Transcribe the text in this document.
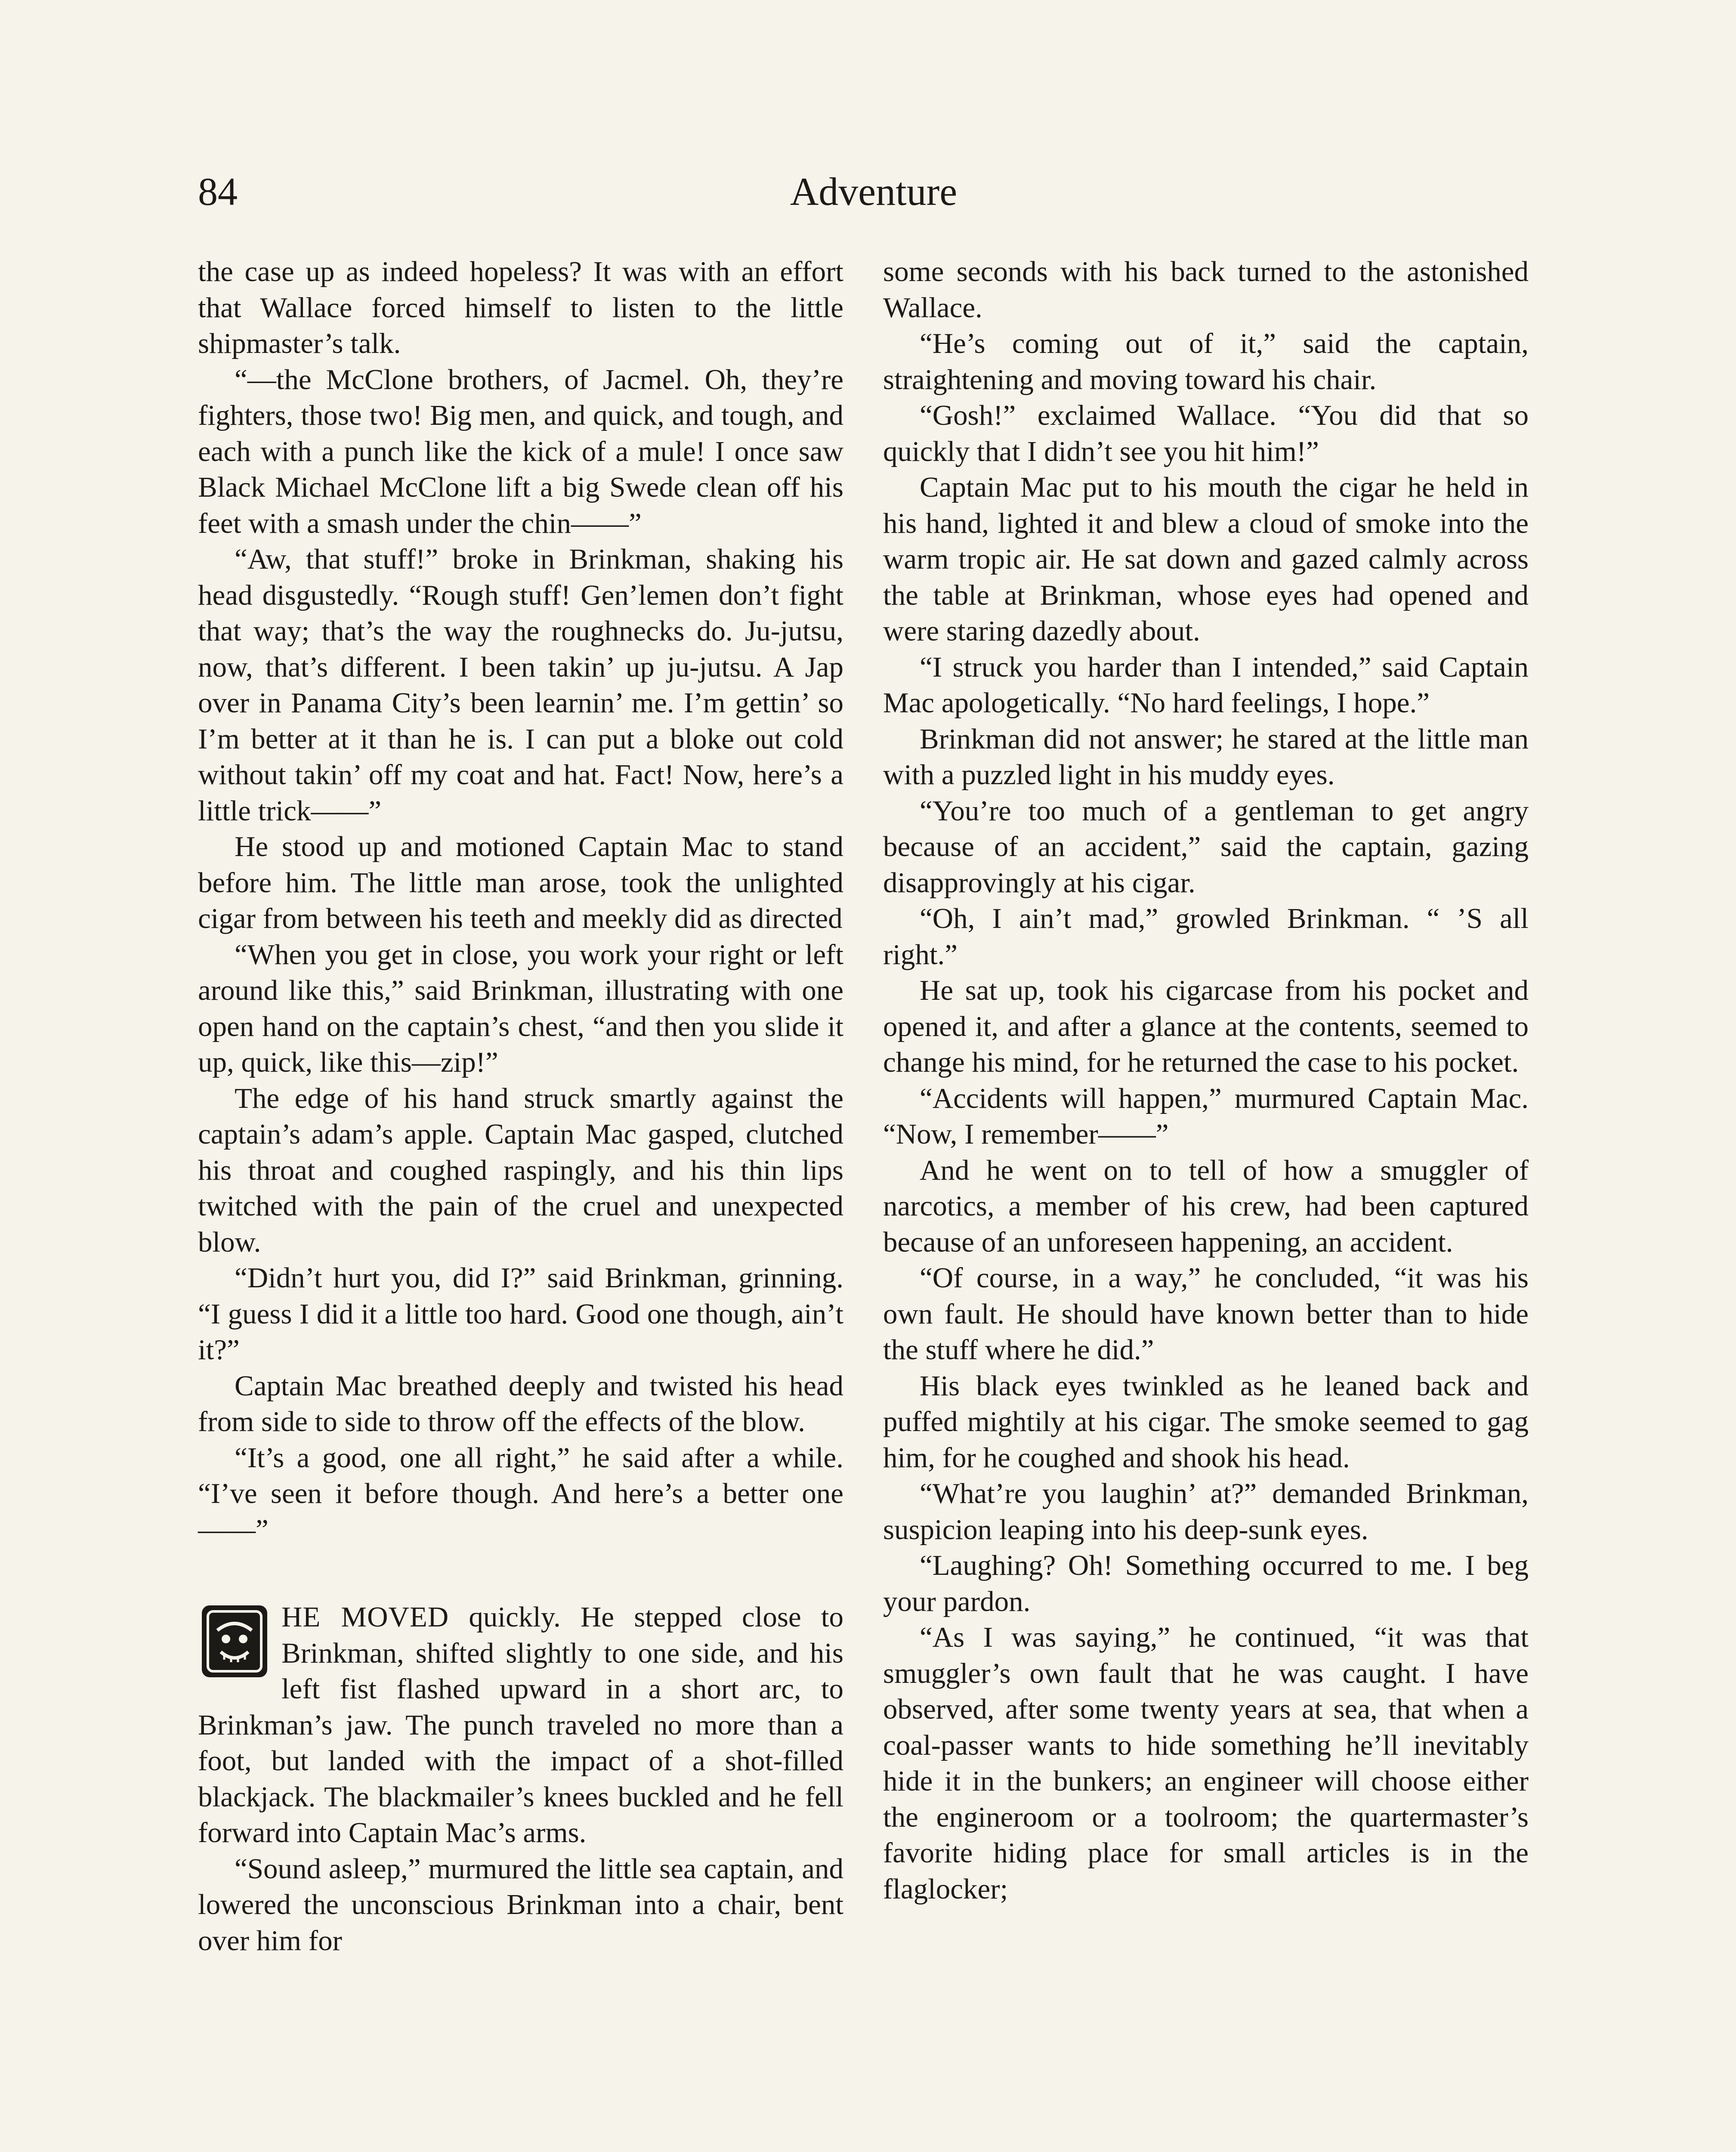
84	Adventure

the case up as indeed hopeless? It was with an effort that Wallace forced himself to listen to the little shipmaster’s talk.

“—the McClone brothers, of Jacmel. Oh, they’re fighters, those two! Big men, and quick, and tough, and each with a punch like the kick of a mule! I once saw Black Michael McClone lift a big Swede clean off his feet with a smash under the chin——”

“Aw, that stuff!” broke in Brinkman, shaking his head disgustedly. “Rough stuff! Gen’lemen don’t fight that way; that’s the way the roughnecks do. Ju-jutsu, now, that’s different. I been takin’ up ju-jutsu. A Jap over in Panama City’s been learnin’ me. I’m gettin’ so I’m better at it than he is. I can put a bloke out cold without takin’ off my coat and hat. Fact! Now, here’s a little trick——”

He stood up and motioned Captain Mac to stand before him. The little man arose, took the unlighted cigar from between his teeth and meekly did as directed

“When you get in close, you work your right or left around like this,” said Brinkman, illustrating with one open hand on the captain’s chest, “and then you slide it up, quick, like this—zip!”

The edge of his hand struck smartly against the captain’s adam’s apple. Captain Mac gasped, clutched his throat and coughed raspingly, and his thin lips twitched with the pain of the cruel and unexpected blow.

“Didn’t hurt you, did I?” said Brinkman, grinning. “I guess I did it a little too hard. Good one though, ain’t it?”

Captain Mac breathed deeply and twisted his head from side to side to throw off the effects of the blow.

“It’s a good, one all right,” he said after a while. “I’ve seen it before though. And here’s a better one——”

HE MOVED quickly. He stepped close to Brinkman, shifted slightly to one side, and his left fist flashed upward in a short arc, to Brinkman’s jaw. The punch traveled no more than a foot, but landed with the impact of a shot-filled blackjack. The blackmailer’s knees buckled and he fell forward into Captain Mac’s arms.

“Sound asleep,” murmured the little sea captain, and lowered the unconscious Brinkman into a chair, bent over him for

some seconds with his back turned to the astonished Wallace.

“He’s coming out of it,” said the captain, straightening and moving toward his chair.

“Gosh!” exclaimed Wallace. “You did that so quickly that I didn’t see you hit him!”

Captain Mac put to his mouth the cigar he held in his hand, lighted it and blew a cloud of smoke into the warm tropic air. He sat down and gazed calmly across the table at Brinkman, whose eyes had opened and were staring dazedly about.

“I struck you harder than I intended,” said Captain Mac apologetically. “No hard feelings, I hope.”

Brinkman did not answer; he stared at the little man with a puzzled light in his muddy eyes.

“You’re too much of a gentleman to get angry because of an accident,” said the captain, gazing disapprovingly at his cigar.

“Oh, I ain’t mad,” growled Brinkman. “ ’S all right.”

He sat up, took his cigarcase from his pocket and opened it, and after a glance at the contents, seemed to change his mind, for he returned the case to his pocket.

“Accidents will happen,” murmured Captain Mac. “Now, I remember——”

And he went on to tell of how a smuggler of narcotics, a member of his crew, had been captured because of an unforeseen happening, an accident.

“Of course, in a way,” he concluded, “it was his own fault. He should have known better than to hide the stuff where he did.”

His black eyes twinkled as he leaned back and puffed mightily at his cigar. The smoke seemed to gag him, for he coughed and shook his head.

“What’re you laughin’ at?” demanded Brinkman, suspicion leaping into his deep-sunk eyes.

“Laughing? Oh! Something occurred to me. I beg your pardon.

“As I was saying,” he continued, “it was that smuggler’s own fault that he was caught. I have observed, after some twenty years at sea, that when a coal-passer wants to hide something he’ll inevitably hide it in the bunkers; an engineer will choose either the engineroom or a toolroom; the quartermaster’s favorite hiding place for small articles is in the flaglocker;
